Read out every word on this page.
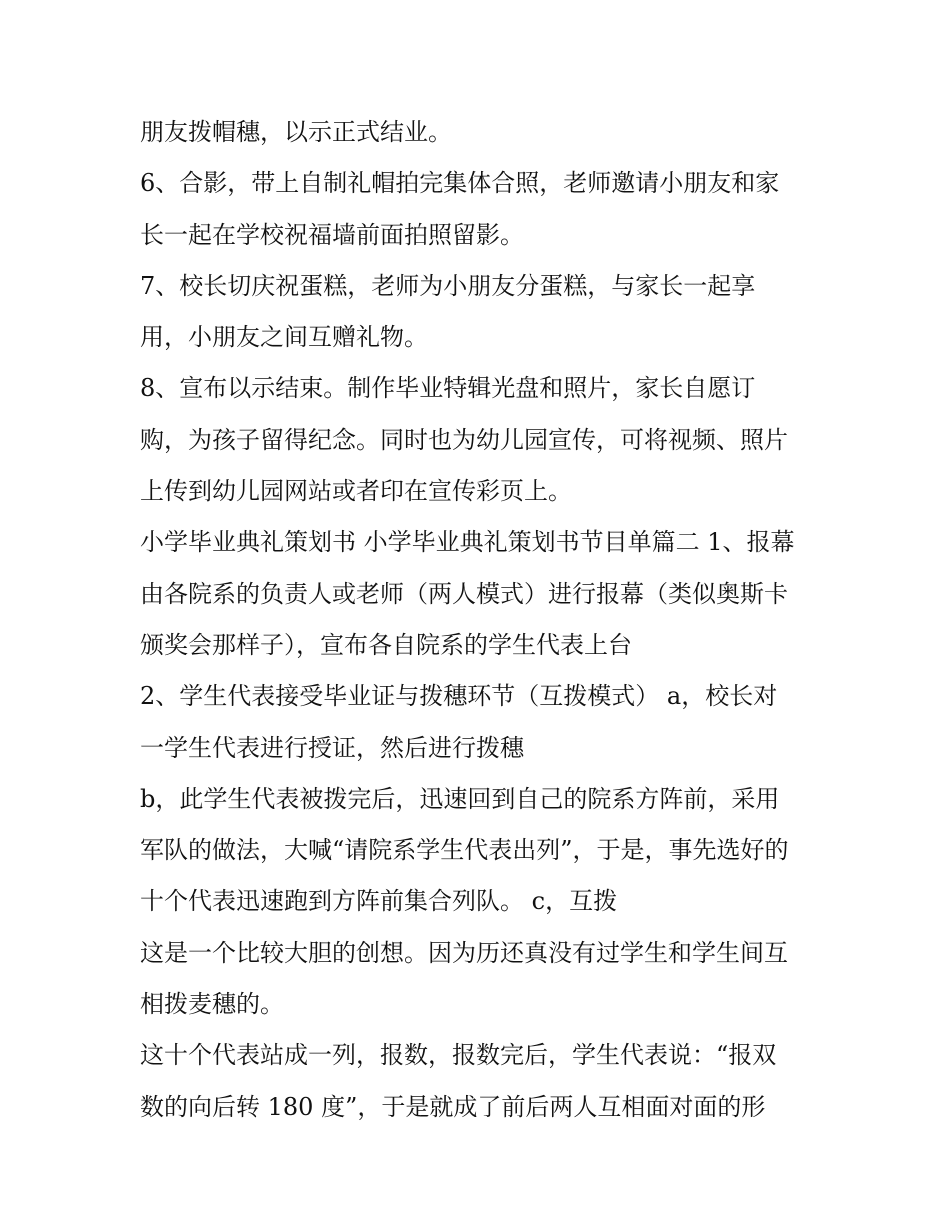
朋友拨帽穗，以示正式结业。
6、合影，带上自制礼帽拍完集体合照，老师邀请小朋友和家
长一起在学校祝福墙前面拍照留影。
7、校长切庆祝蛋糕，老师为小朋友分蛋糕，与家长一起享
用，小朋友之间互赠礼物。
8、宣布以示结束。制作毕业特辑光盘和照片，家长自愿订
购，为孩子留得纪念。同时也为幼儿园宣传，可将视频、照片
上传到幼儿园网站或者印在宣传彩页上。
小学毕业典礼策划书 小学毕业典礼策划书节目单篇二 1、报幕
由各院系的负责人或老师（两人模式）进行报幕（类似奥斯卡
颁奖会那样子），宣布各自院系的学生代表上台
2、学生代表接受毕业证与拨穗环节（互拨模式） a，校长对
一学生代表进行授证，然后进行拨穗
b，此学生代表被拨完后，迅速回到自己的院系方阵前，采用
军队的做法，大喊“请院系学生代表出列”，于是，事先选好的
十个代表迅速跑到方阵前集合列队。 c，互拨
这是一个比较大胆的创想。因为历还真没有过学生和学生间互
相拨麦穗的。
这十个代表站成一列，报数，报数完后，学生代表说：“报双
数的向后转 180 度”，于是就成了前后两人互相面对面的形
